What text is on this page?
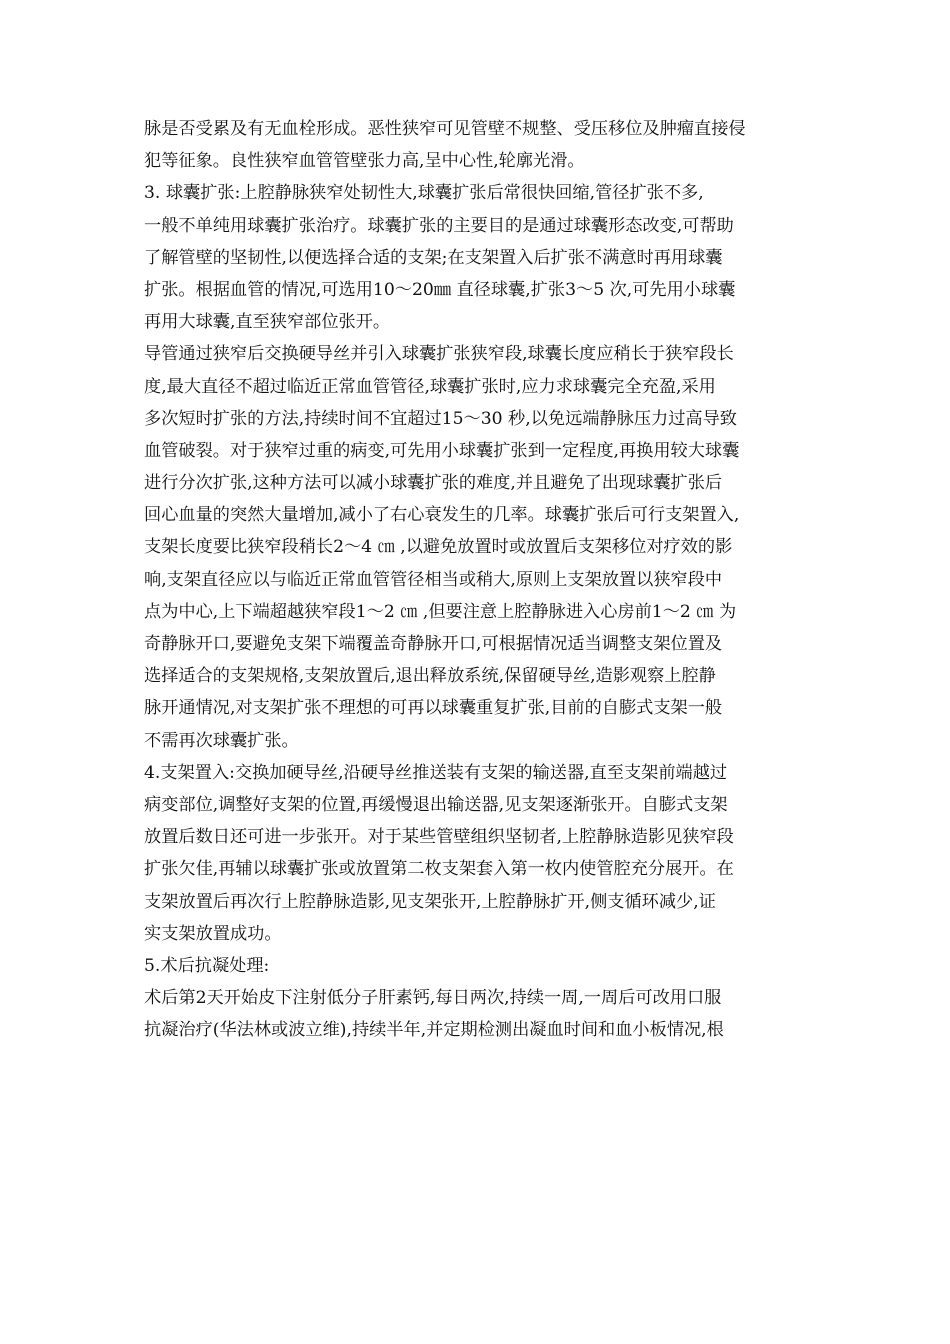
脉是否受累及有无血栓形成。恶性狭窄可见管壁不规整、受压移位及肿瘤直接侵
犯等征象。良性狭窄血管管壁张力高,呈中心性,轮廓光滑。
3. 球囊扩张:上腔静脉狭窄处韧性大,球囊扩张后常很快回缩,管径扩张不多,
一般不单纯用球囊扩张治疗。球囊扩张的主要目的是通过球囊形态改变,可帮助
了解管壁的坚韧性,以便选择合适的支架;在支架置入后扩张不满意时再用球囊
扩张。根据血管的情况,可选用10～20㎜ 直径球囊,扩张3～5 次,可先用小球囊
再用大球囊,直至狭窄部位张开。
导管通过狭窄后交换硬导丝并引入球囊扩张狭窄段,球囊长度应稍长于狭窄段长
度,最大直径不超过临近正常血管管径,球囊扩张时,应力求球囊完全充盈,采用
多次短时扩张的方法,持续时间不宜超过15～30 秒,以免远端静脉压力过高导致
血管破裂。对于狭窄过重的病变,可先用小球囊扩张到一定程度,再换用较大球囊
进行分次扩张,这种方法可以减小球囊扩张的难度,并且避免了出现球囊扩张后
回心血量的突然大量增加,减小了右心衰发生的几率。球囊扩张后可行支架置入,
支架长度要比狭窄段稍长2～4 ㎝ ,以避免放置时或放置后支架移位对疗效的影
响,支架直径应以与临近正常血管管径相当或稍大,原则上支架放置以狭窄段中
点为中心,上下端超越狭窄段1～2 ㎝ ,但要注意上腔静脉进入心房前1～2 ㎝ 为
奇静脉开口,要避免支架下端覆盖奇静脉开口,可根据情况适当调整支架位置及
选择适合的支架规格,支架放置后,退出释放系统,保留硬导丝,造影观察上腔静
脉开通情况,对支架扩张不理想的可再以球囊重复扩张,目前的自膨式支架一般
不需再次球囊扩张。
4.支架置入:交换加硬导丝,沿硬导丝推送装有支架的输送器,直至支架前端越过
病变部位,调整好支架的位置,再缓慢退出输送器,见支架逐渐张开。自膨式支架
放置后数日还可进一步张开。对于某些管壁组织坚韧者,上腔静脉造影见狭窄段
扩张欠佳,再辅以球囊扩张或放置第二枚支架套入第一枚内使管腔充分展开。在
支架放置后再次行上腔静脉造影,见支架张开,上腔静脉扩开,侧支循环减少,证
实支架放置成功。
5.术后抗凝处理:
术后第2天开始皮下注射低分子肝素钙,每日两次,持续一周,一周后可改用口服
抗凝治疗(华法林或波立维),持续半年,并定期检测出凝血时间和血小板情况,根
